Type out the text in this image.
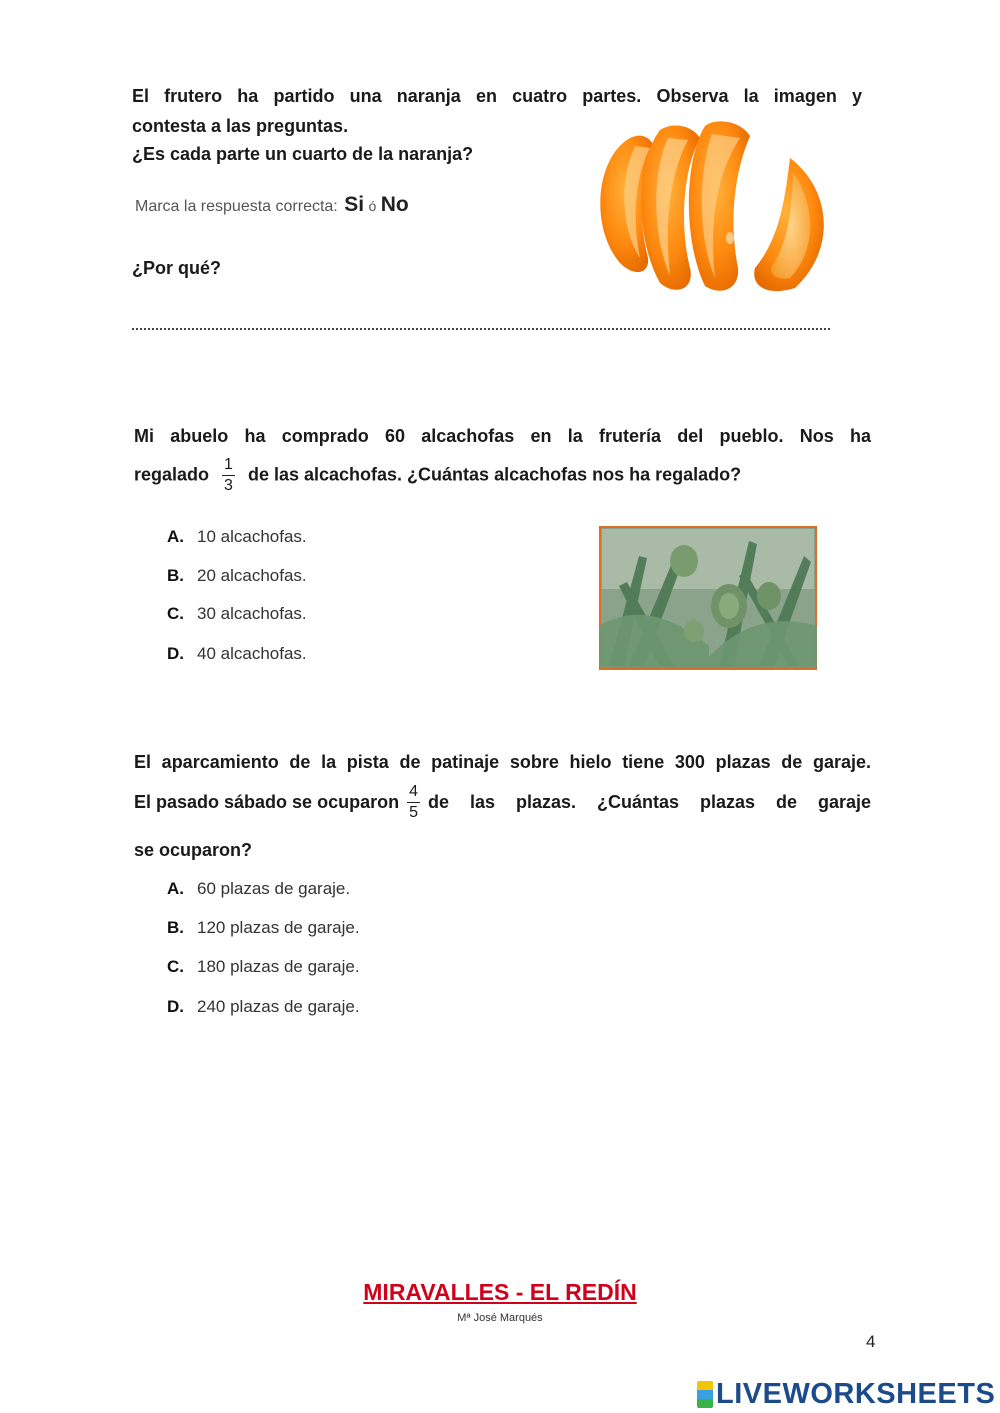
El frutero ha partido una naranja en cuatro partes. Observa la imagen y
contesta a las preguntas.
¿Es cada parte un cuarto de la naranja?
Marca la respuesta correcta: Si ó No
¿Por qué?
Mi abuelo ha comprado 60 alcachofas en la frutería del pueblo. Nos ha
regalado $\frac{1}{3}$ de las alcachofas. ¿Cuántas alcachofas nos ha regalado?
A. 10 alcachofas.
B. 20 alcachofas.
C. 30 alcachofas.
D. 40 alcachofas.
El aparcamiento de la pista de patinaje sobre hielo tiene 300 plazas de garaje.
El pasado sábado se ocuparon $\frac{4}{5}$ de las plazas. ¿Cuántas plazas de garaje
se ocuparon?
A. 60 plazas de garaje.
B. 120 plazas de garaje.
C. 180 plazas de garaje.
D. 240 plazas de garaje.
MIRAVALLES - EL REDÍN
Mª José Marqués
4
LIVEWORKSHEETS
